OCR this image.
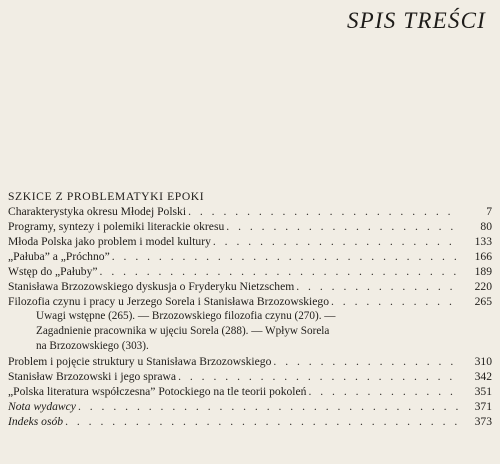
SPIS TREŚCI
SZKICE Z PROBLEMATYKI EPOKI
Charakterystyka okresu Młodej Polski . . .	7
Programy, syntezy i polemiki literackie okresu . . .	80
Młoda Polska jako problem i model kultury . . .	133
„Pałuba” a „Próchno” . . .	166
Wstęp do „Pałuby” . . .	189
Stanisława Brzozowskiego dyskusja o Fryderyku Nietzschem . . .	220
Filozofia czynu i pracy u Jerzego Sorela i Stanisława Brzozowskiego . . .	265
Uwagi wstępne (265). — Brzozowskiego filozofia czynu (270). —
Zagadnienie pracownika w ujęciu Sorela (288). — Wpływ Sorela
na Brzozowskiego (303).
Problem i pojęcie struktury u Stanisława Brzozowskiego . . .	310
Stanisław Brzozowski i jego sprawa . . .	342
„Polska literatura współczesna” Potockiego na tle teorii pokoleń . . .	351
Nota wydawcy . . .	371
Indeks osób . . .	373
